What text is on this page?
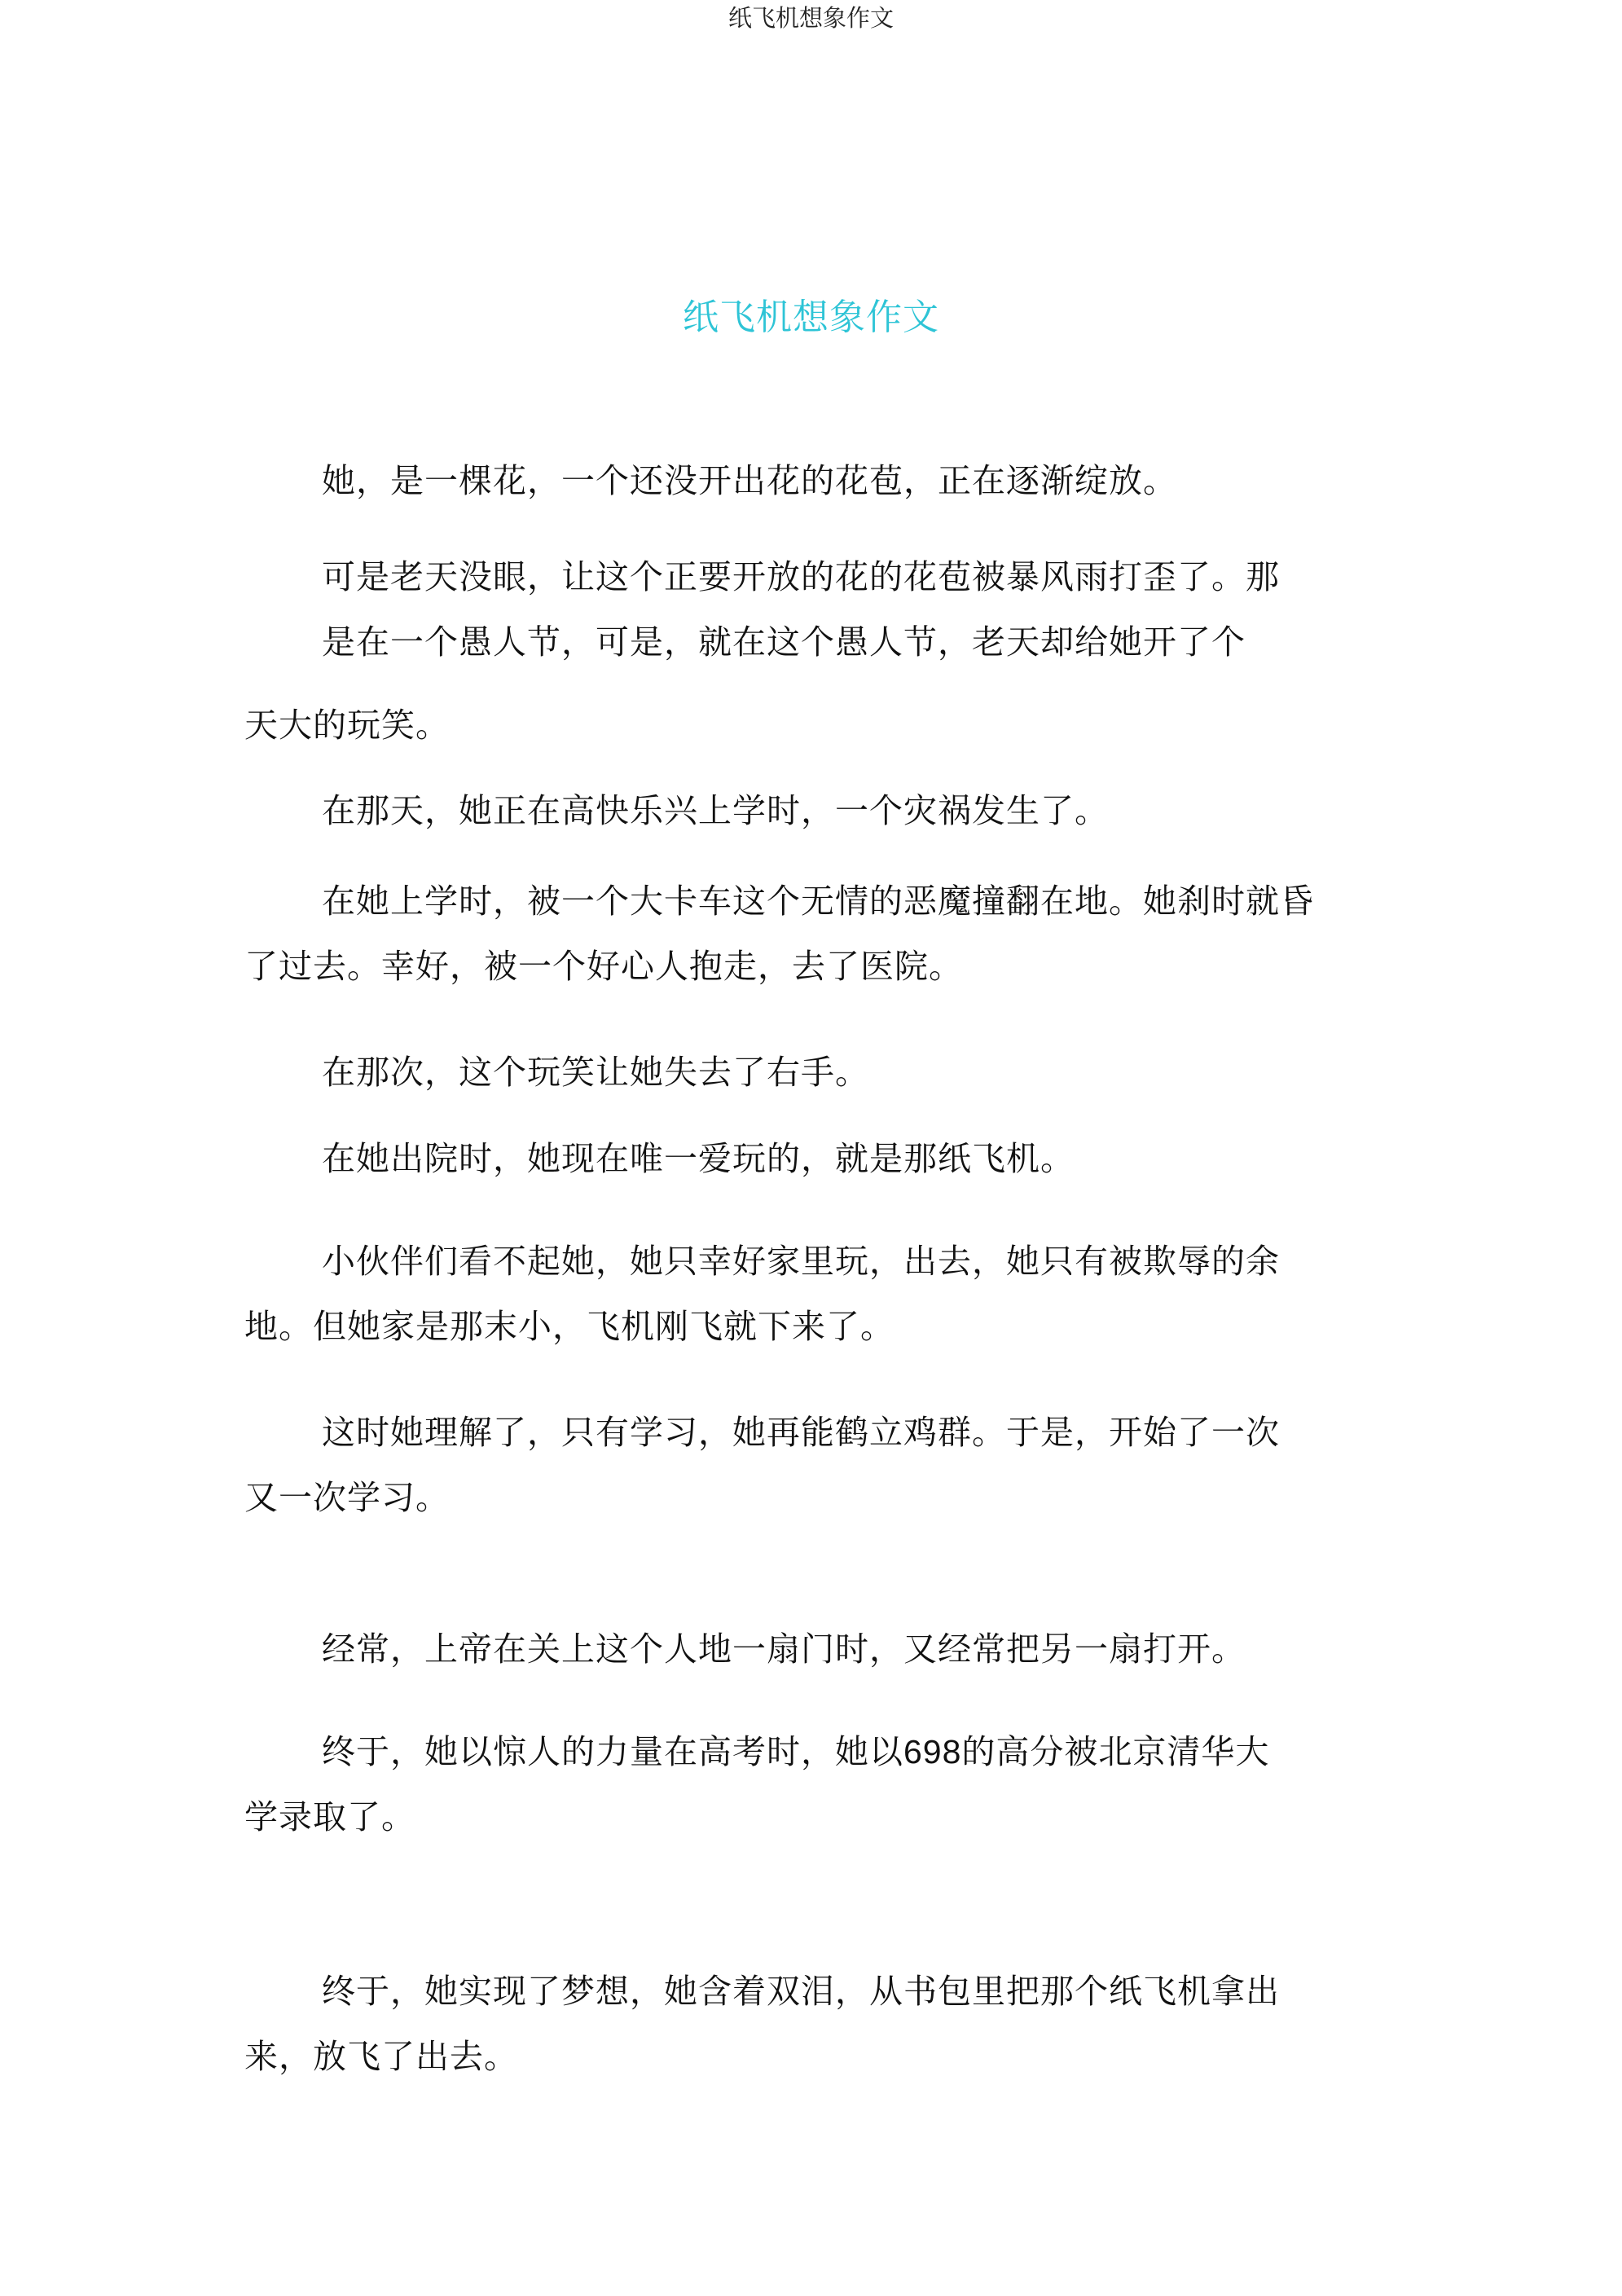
纸飞机想象作文
纸飞机想象作文

她，是一棵花，一个还没开出花的花苞，正在逐渐绽放。

可是老天没眼，让这个正要开放的花的花苞被暴风雨打歪了。那
是在一个愚人节，可是，就在这个愚人节，老天却给她开了个

天大的玩笑。

在那天，她正在高快乐兴上学时，一个灾祸发生了。

在她上学时，被一个大卡车这个无情的恶魔撞翻在地。她刹时就昏
了过去。幸好，被一个好心人抱走，去了医院。

在那次，这个玩笑让她失去了右手。

在她出院时，她现在唯一爱玩的，就是那纸飞机。

小伙伴们看不起她，她只幸好家里玩，出去，她只有被欺辱的余
地。但她家是那末小，飞机刚飞就下来了。

这时她理解了，只有学习，她再能鹤立鸡群。于是，开始了一次
又一次学习。

经常，上帝在关上这个人地一扇门时，又经常把另一扇打开。

终于，她以惊人的力量在高考时，她以698的高分被北京清华大
学录取了。

终于，她实现了梦想，她含着双泪，从书包里把那个纸飞机拿出
来，放飞了出去。
